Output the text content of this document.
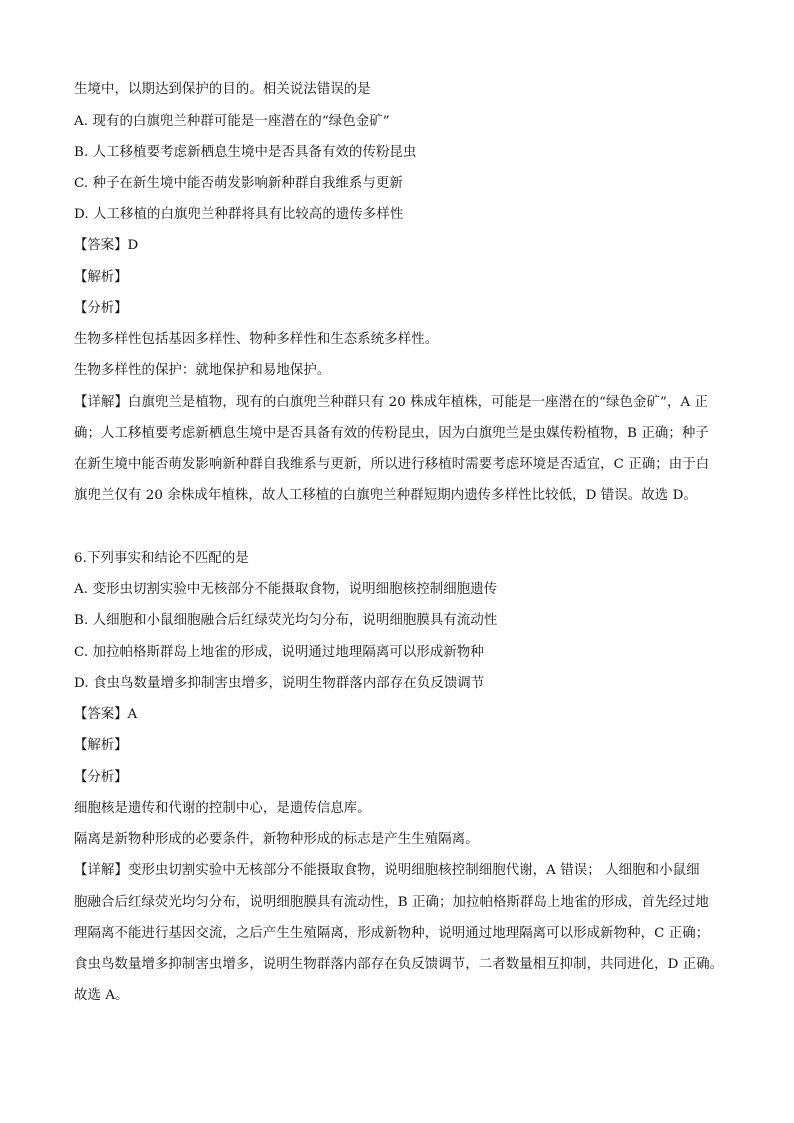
生境中，以期达到保护的目的。相关说法错误的是
A. 现有的白旗兜兰种群可能是一座潜在的“绿色金矿”
B. 人工移植要考虑新栖息生境中是否具备有效的传粉昆虫
C. 种子在新生境中能否萌发影响新种群自我维系与更新
D. 人工移植的白旗兜兰种群将具有比较高的遗传多样性
【答案】D
【解析】
【分析】
生物多样性包括基因多样性、物种多样性和生态系统多样性。
生物多样性的保护：就地保护和易地保护。
【详解】白旗兜兰是植物，现有的白旗兜兰种群只有 20 株成年植株，可能是一座潜在的“绿色金矿”，A 正
确；人工移植要考虑新栖息生境中是否具备有效的传粉昆虫，因为白旗兜兰是虫媒传粉植物，B 正确；种子
在新生境中能否萌发影响新种群自我维系与更新，所以进行移植时需要考虑环境是否适宜，C 正确；由于白
旗兜兰仅有 20 余株成年植株，故人工移植的白旗兜兰种群短期内遗传多样性比较低，D 错误。故选 D。
6.下列事实和结论不匹配的是
A. 变形虫切割实验中无核部分不能摄取食物，说明细胞核控制细胞遗传
B. 人细胞和小鼠细胞融合后红绿荧光均匀分布，说明细胞膜具有流动性
C. 加拉帕格斯群岛上地雀的形成，说明通过地理隔离可以形成新物种
D. 食虫鸟数量增多抑制害虫增多，说明生物群落内部存在负反馈调节
【答案】A
【解析】
【分析】
细胞核是遗传和代谢的控制中心，是遗传信息库。
隔离是新物种形成的必要条件，新物种形成的标志是产生生殖隔离。
【详解】变形虫切割实验中无核部分不能摄取食物，说明细胞核控制细胞代谢，A 错误； 人细胞和小鼠细
胞融合后红绿荧光均匀分布，说明细胞膜具有流动性，B 正确；加拉帕格斯群岛上地雀的形成，首先经过地
理隔离不能进行基因交流，之后产生生殖隔离，形成新物种，说明通过地理隔离可以形成新物种，C 正确；
食虫鸟数量增多抑制害虫增多，说明生物群落内部存在负反馈调节，二者数量相互抑制，共同进化，D 正确。
故选 A。
